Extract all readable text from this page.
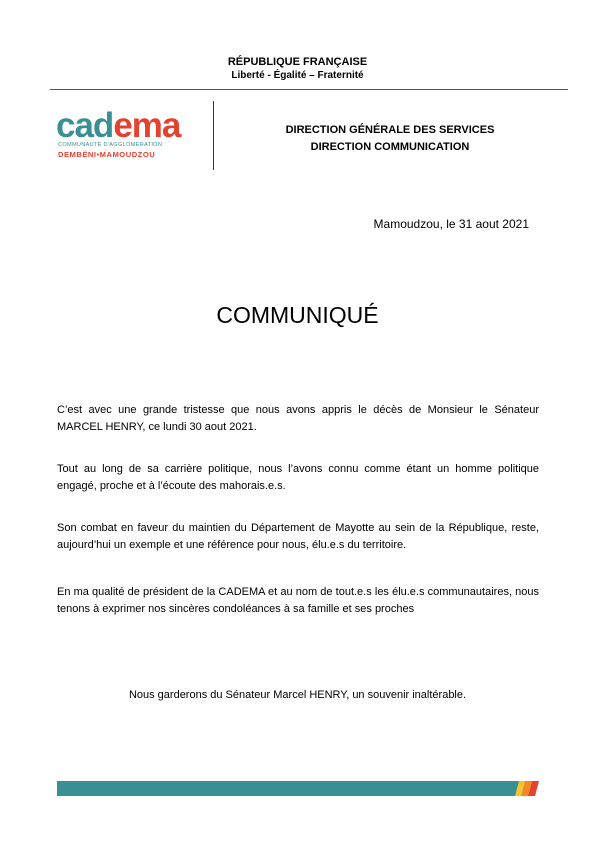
RÉPUBLIQUE FRANÇAISE
Liberté - Égalité – Fraternité
cadema
COMMUNAUTÉ D'AGGLOMÉRATION
DEMBÉNI•MAMOUDZOU
DIRECTION GÉNÉRALE DES SERVICES
DIRECTION COMMUNICATION
Mamoudzou, le 31 aout 2021
COMMUNIQUÉ

C’est avec une grande tristesse que nous avons appris le décès de Monsieur le Sénateur MARCEL HENRY, ce lundi 30 aout 2021.

Tout au long de sa carrière politique, nous l’avons connu comme étant un homme politique engagé, proche et à l’écoute des mahorais.e.s.

Son combat en faveur du maintien du Département de Mayotte au sein de la République, reste, aujourd’hui un exemple et une référence pour nous, élu.e.s du territoire.

En ma qualité de président de la CADEMA et au nom de tout.e.s les élu.e.s communautaires, nous tenons à exprimer nos sincères condoléances à sa famille et ses proches

Nous garderons du Sénateur Marcel HENRY, un souvenir inaltérable.
